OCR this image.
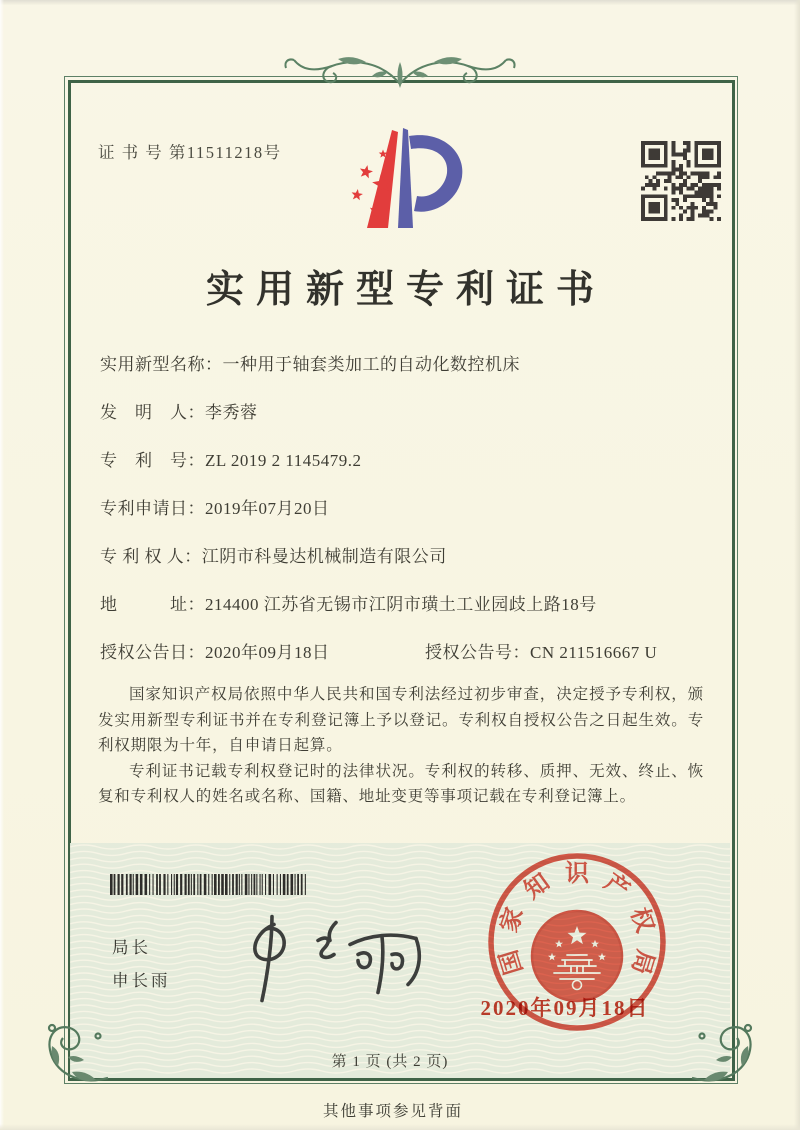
证 书 号 第11511218号
实用新型专利证书
实用新型名称：一种用于轴套类加工的自动化数控机床
发　明　人：李秀蓉
专　利　号：ZL 2019 2 1145479.2
专利申请日：2019年07月20日
专 利 权 人：江阴市科曼达机械制造有限公司
地　　　址：214400 江苏省无锡市江阴市璜土工业园歧上路18号
授权公告日：2020年09月18日	授权公告号：CN 211516667 U

国家知识产权局依照中华人民共和国专利法经过初步审查，决定授予专利权，颁发实用新型专利证书并在专利登记簿上予以登记。专利权自授权公告之日起生效。专利权期限为十年，自申请日起算。

专利证书记载专利权登记时的法律状况。专利权的转移、质押、无效、终止、恢复和专利权人的姓名或名称、国籍、地址变更等事项记载在专利登记簿上。

局长
申长雨
国
家
知 识 产
权
局
2020年09月18日
第 1 页 (共 2 页)
其他事项参见背面
